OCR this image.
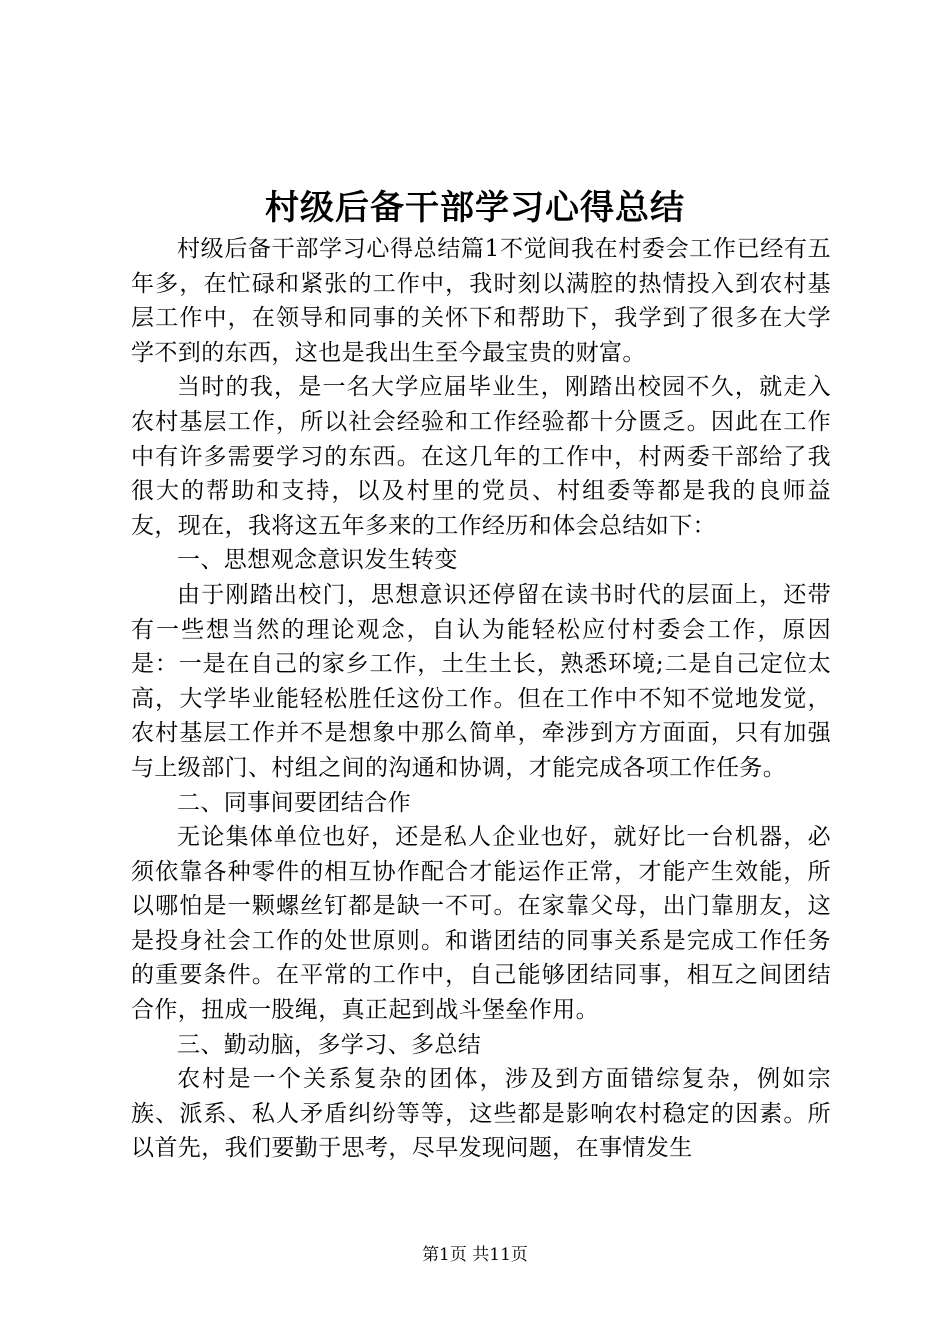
村级后备干部学习心得总结

村级后备干部学习心得总结篇1不觉间我在村委会工作已经有五年多，在忙碌和紧张的工作中，我时刻以满腔的热情投入到农村基层工作中，在领导和同事的关怀下和帮助下，我学到了很多在大学学不到的东西，这也是我出生至今最宝贵的财富。

当时的我，是一名大学应届毕业生，刚踏出校园不久，就走入农村基层工作，所以社会经验和工作经验都十分匮乏。因此在工作中有许多需要学习的东西。在这几年的工作中，村两委干部给了我很大的帮助和支持，以及村里的党员、村组委等都是我的良师益友，现在，我将这五年多来的工作经历和体会总结如下：

一、思想观念意识发生转变

由于刚踏出校门，思想意识还停留在读书时代的层面上，还带有一些想当然的理论观念，自认为能轻松应付村委会工作，原因是：一是在自己的家乡工作，土生土长，熟悉环境;二是自己定位太高，大学毕业能轻松胜任这份工作。但在工作中不知不觉地发觉，农村基层工作并不是想象中那么简单，牵涉到方方面面，只有加强与上级部门、村组之间的沟通和协调，才能完成各项工作任务。

二、同事间要团结合作

无论集体单位也好，还是私人企业也好，就好比一台机器，必须依靠各种零件的相互协作配合才能运作正常，才能产生效能，所以哪怕是一颗螺丝钉都是缺一不可。在家靠父母，出门靠朋友，这是投身社会工作的处世原则。和谐团结的同事关系是完成工作任务的重要条件。在平常的工作中，自己能够团结同事，相互之间团结合作，扭成一股绳，真正起到战斗堡垒作用。

三、勤动脑，多学习、多总结

农村是一个关系复杂的团体，涉及到方面错综复杂，例如宗族、派系、私人矛盾纠纷等等，这些都是影响农村稳定的因素。所以首先，我们要勤于思考，尽早发现问题，在事情发生

第1页 共11页
